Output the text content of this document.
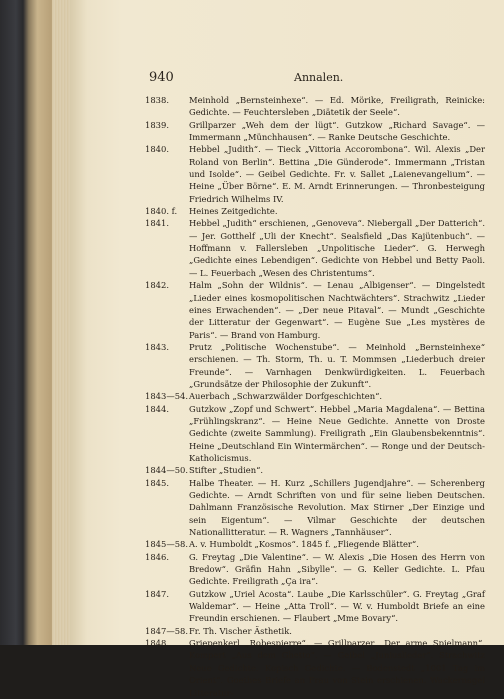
940	Annalen.
1838.	Meinhold „Bernsteinhexe“. — Ed. Mörike, Freiligrath, Reinicke: Gedichte. — Feuchtersleben „Diätetik der Seele“.
1839.	Grillparzer „Weh dem der lügt“. Gutzkow „Richard Savage“. — Immermann „Münchhausen“. — Ranke Deutsche Geschichte.
1840.	Hebbel „Judith“. — Tieck „Vittoria Accorombona“. Wil. Alexis „Der Roland von Berlin“. Bettina „Die Günderode“. Immermann „Tristan und Isolde“. — Geibel Gedichte. Fr. v. Sallet „Laienevangelium“. — Heine „Über Börne“. E. M. Arndt Erinnerungen. — Thronbesteigung Friedrich Wilhelms IV.
1840. f.	Heines Zeitgedichte.
1841.	Hebbel „Judith“ erschienen, „Genoveva“. Niebergall „Der Datterich“. — Jer. Gotthelf „Uli der Knecht“. Sealsfield „Das Kajütenbuch“. — Hoffmann v. Fallersleben „Unpolitische Lieder“. G. Herwegh „Gedichte eines Lebendigen“. Gedichte von Hebbel und Betty Paoli. — L. Feuerbach „Wesen des Christentums“.
1842.	Halm „Sohn der Wildnis“. — Lenau „Albigenser“. — Dingelstedt „Lieder eines kosmopolitischen Nachtwächters“. Strachwitz „Lieder eines Erwachenden“. — „Der neue Pitaval“. — Mundt „Geschichte der Litteratur der Gegenwart“. — Eugène Sue „Les mystères de Paris“. — Brand von Hamburg.
1843.	Prutz „Politische Wochenstube“. — Meinhold „Bernsteinhexe“ erschienen. — Th. Storm, Th. u. T. Mommsen „Liederbuch dreier Freunde“. — Varnhagen Denkwürdigkeiten. L. Feuerbach „Grundsätze der Philosophie der Zukunft“.
1843—54. Auerbach „Schwarzwälder Dorfgeschichten“.
1844.	Gutzkow „Zopf und Schwert“. Hebbel „Maria Magdalena“. — Bettina „Frühlingskranz“. — Heine Neue Gedichte. Annette von Droste Gedichte (zweite Sammlung). Freiligrath „Ein Glaubensbekenntnis“. Heine „Deutschland Ein Wintermärchen“. — Ronge und der Deutsch-Katholicismus.
1844—50. Stifter „Studien“.
1845.	Halbe Theater. — H. Kurz „Schillers Jugendjahre“. — Scherenberg Gedichte. — Arndt Schriften von und für seine lieben Deutschen. Dahlmann Französische Revolution. Max Stirner „Der Einzige und sein Eigentum“. — Vilmar Geschichte der deutschen Nationallitteratur. — R. Wagners „Tannhäuser“.
1845—58. A. v. Humboldt „Kosmos“. 1845 f. „Fliegende Blätter“.
1846.	G. Freytag „Die Valentine“. — W. Alexis „Die Hosen des Herrn von Bredow“. Gräfin Hahn „Sibylle“. — G. Keller Gedichte. L. Pfau Gedichte. Freiligrath „Ça ira“.
1847.	Gutzkow „Uriel Acosta“. Laube „Die Karlsschüler“. G. Freytag „Graf Waldemar“. — Heine „Atta Troll“. — W. v. Humboldt Briefe an eine Freundin erschienen. — Flaubert „Mme Bovary“.
1847—58. Fr. Th. Vischer Ästhetik.
1848.	Griepenkerl „Robespierre“. — Grillparzer „Der arme Spielmann“. Kompert „Aus dem Ghetto“. — Geibel „Juniuslieder“. Strachwitz Neue Gedichte. Kopisch Gedichte. — Bodenstedt „1001 Tag im Orient“. Goethes Briefe an Frau von Stein erschienen. Wackernagel Litteratur-
